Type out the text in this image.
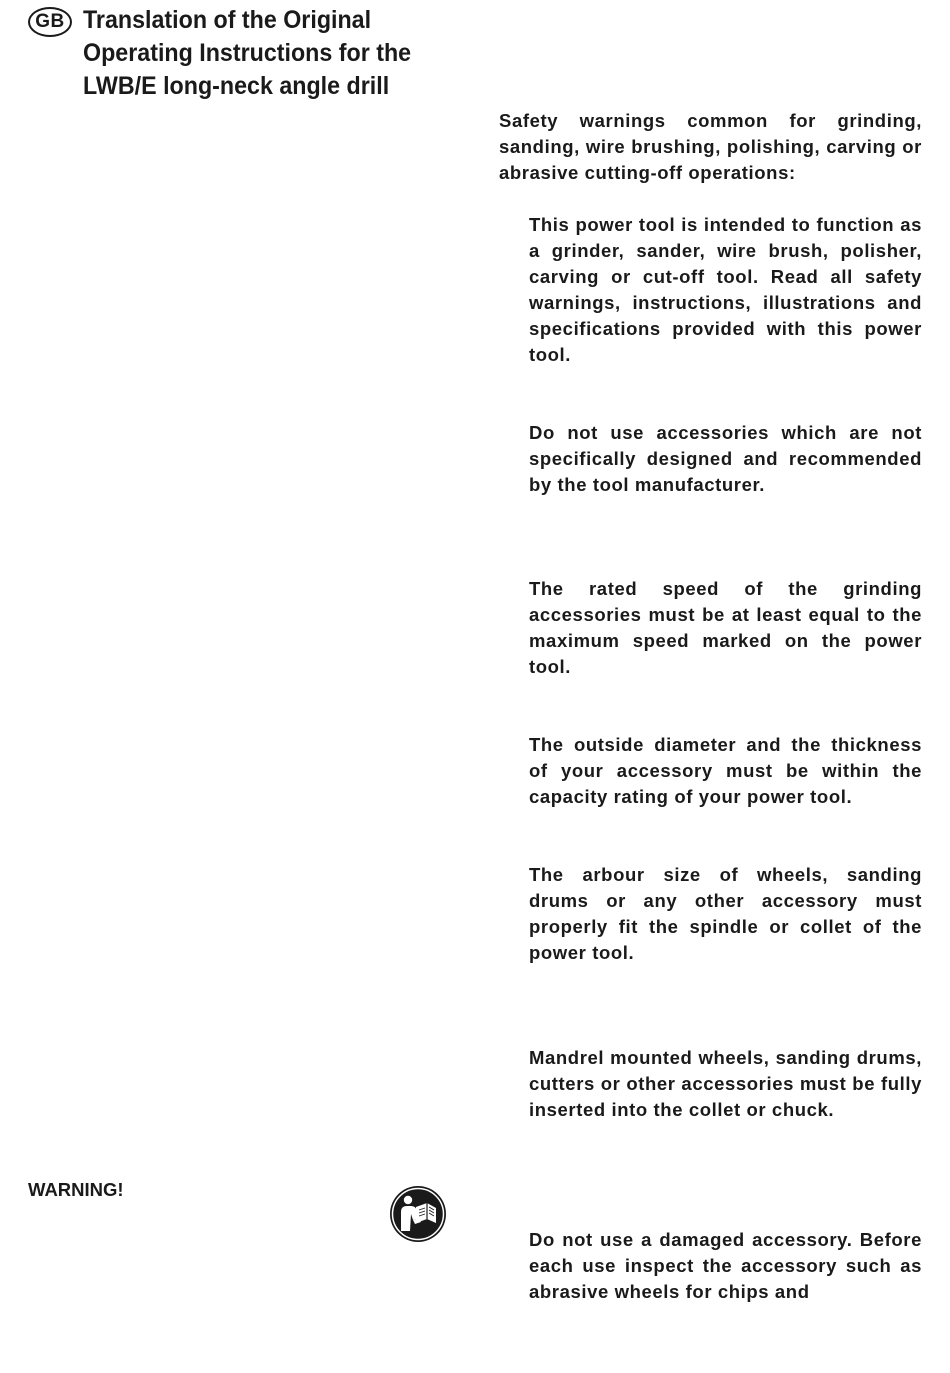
GB Translation of the Original
Operating Instructions for the
LWB/E long-neck angle drill

Safety warnings common for grinding, sanding, wire brushing, polishing, carving or abrasive cutting-off operations:

This power tool is intended to function as a grinder, sander, wire brush, polisher, carving or cut-off tool. Read all safety warnings, instructions, illustrations and specifications provided with this power tool.

Do not use accessories which are not specifically designed and recommended by the tool manufacturer.

The rated speed of the grinding accessories must be at least equal to the maximum speed marked on the power tool.

The outside diameter and the thickness of your accessory must be within the capacity rating of your power tool.

The arbour size of wheels, sanding drums or any other accessory must properly fit the spindle or collet of the power tool.

Mandrel mounted wheels, sanding drums, cutters or other accessories must be fully inserted into the collet or chuck.

Do not use a damaged accessory. Before each use inspect the accessory such as abrasive wheels for chips and

WARNING!
